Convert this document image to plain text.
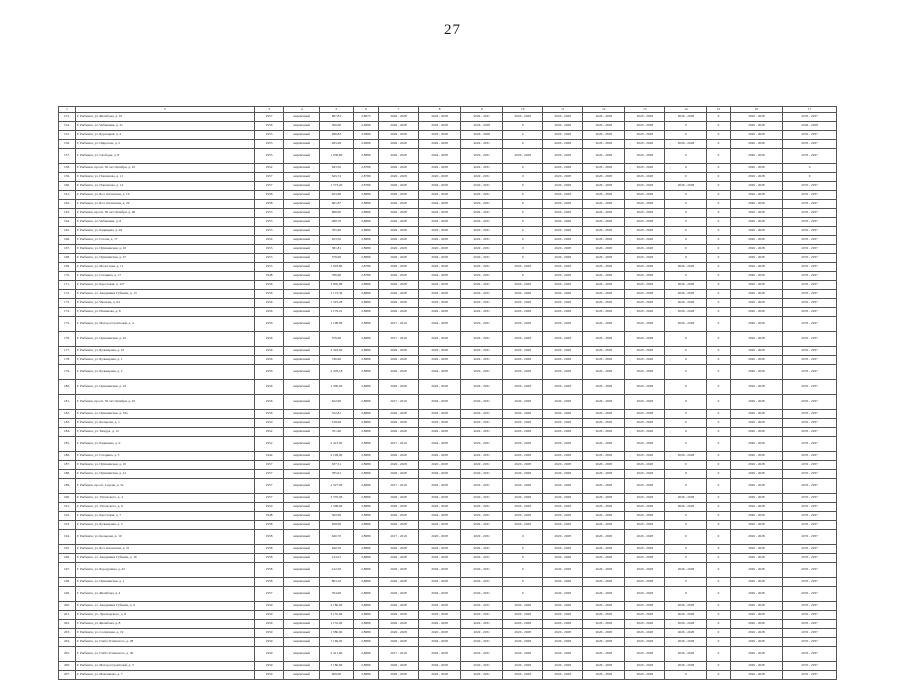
27
1	2	3	4	5	6	7	8	9	10	11	12	13	14	15	16	17
153.	Г. Рыбинск, ул. Желябова, д. 10	1957	кирпичный	897,81	2,8975	2026 - 2028	2026 - 2028	2029 - 2031	2026 - 2028	2026 - 2028	2026 - 2028	2026 - 2028	2026 - 2028	0	2026 - 2028	2035 - 2037
154.	Г. Рыбинск, ул. Чебышева, д. 31	1956	кирпичный	300,00	2,6986	2026 - 2028	2026 - 2028	2026 - 2028	0	2026 - 2028	2026 - 2028	2026 - 2028	0	0	2026 - 2028	2026 - 2028
155.	Г. Рыбинск, ул. Бурлацкая, д. 4	1955	кирпичный	286,83	2,9986	2026 - 2028	2026 - 2028	2026 - 2028	0	2026 - 2028	2026 - 2028	2026 - 2028	0	0	2026 - 2028	2035 - 2037
156.	Г. Рыбинск, ул. Пирогова, д. 2	1953	кирпичный	495,09	2,9986	2026 - 2028	2026 - 2028	2029 - 2031	0	2026 - 2028	2026 - 2028	2026 - 2028	2026 - 2028	0	2026 - 2028	2035 - 2037
157.	Г. Рыбинск, ул. Свободы, д. 8	1955	кирпичный	1 638,60	2,8986	2026 - 2028	2026 - 2028	2029 - 2031	2026 - 2028	2026 - 2028	2026 - 2028	2026 - 2028	0	0	2026 - 2028	2035 - 2037
158.	Г. Рыбинск, просп. 50 лет Октября, д. 22	1952	кирпичный	643,50	2,8786	2026 - 2028	2026 - 2028	2029 - 2031	0	2026 - 2028	2026 - 2028	2026 - 2028	0	0	2026 - 2028	0
159.	Г. Рыбинск, ул. Плеханова, д. 11	1957	кирпичный	645,74	2,8786	2026 - 2028	2026 - 2028	2029 - 2031	0	2026 - 2028	2026 - 2028	2026 - 2028	0	0	2026 - 2028	0
160.	Г. Рыбинск, ул. Плеханова, д. 14	1957	кирпичный	1 573,20	2,8786	2026 - 2028	2026 - 2028	2029 - 2031	0	2026 - 2028	2026 - 2028	2026 - 2028	2026 - 2028	0	2026 - 2028	2035 - 2037
161.	Г. Рыбинск, ул. Бол. Казанская, д. 19	1958	кирпичный	923,60	2,8986	2026 - 2028	2026 - 2028	2029 - 2031	0	2026 - 2028	2026 - 2028	2026 - 2028	0	0	2026 - 2028	2035 - 2037
162.	Г. Рыбинск, ул. Бол. Казанская, д. 29	1958	кирпичный	661,87	2,8986	2026 - 2028	2026 - 2028	2029 - 2031	0	2026 - 2028	2026 - 2028	2026 - 2028	0	0	2026 - 2028	2035 - 2037
163.	Г. Рыбинск, просп. 50 лет Октября, д. 28	1953	кирпичный	686,00	2,8986	2026 - 2028	2026 - 2028	2029 - 2031	0	2026 - 2028	2026 - 2028	2026 - 2028	0	0	2026 - 2028	2035 - 2037
164.	Г. Рыбинск, ул. Чебышева, д. 8	1953	кирпичный	489,76	2,8986	2026 - 2028	2026 - 2028	2029 - 2031	0	2026 - 2028	2026 - 2028	2026 - 2028	0	0	2026 - 2028	2035 - 2037
165.	Г. Рыбинск, ул. Радищева, д. 29	1953	кирпичный	765,60	2,8986	2026 - 2028	2026 - 2028	2029 - 2031	0	2026 - 2028	2026 - 2028	2026 - 2028	0	0	2026 - 2028	2035 - 2037
166.	Г. Рыбинск, ул. Гоголя, д. 17	1954	кирпичный	623,50	2,8986	2026 - 2028	2026 - 2028	2029 - 2031	0	2026 - 2028	2026 - 2028	2026 - 2028	0	0	2026 - 2028	2035 - 2037
167.	Г. Рыбинск, ул. Пушкинская, д. 43	1953	кирпичный	381,81	2,8986	2026 - 2028	2026 - 2028	2029 - 2031	0	2026 - 2028	2026 - 2028	2026 - 2028	0	0	2026 - 2028	2035 - 2037
168.	Г. Рыбинск, ул. Пушкинская, д. 47	1953	кирпичный	376,90	2,8986	2026 - 2028	2026 - 2028	2029 - 2031	0	2026 - 2028	2026 - 2028	2026 - 2028	0	0	2026 - 2028	2035 - 2037
169.	Г. Рыбинск, ул. Мологская, д. 11	1955	кирпичный	1 618,80	2,8786	2026 - 2028	2026 - 2028	2029 - 2031	2026 - 2028	2026 - 2028	2026 - 2028	2026 - 2028	2026 - 2028	0	2026 - 2028	2035 - 2037
170.	Г. Рыбинск, ул. Гагарина, д. 17	1948	кирпичный	780,60	2,8786	2026 - 2028	2026 - 2028	2029 - 2031	0	2026 - 2028	2026 - 2028	2026 - 2028	0	0	2026 - 2028	2035 - 2037
171.	Г. Рыбинск, ул. Крестовая, д. 127	1956	кирпичный	3 805,80	2,8986	2026 - 2028	2026 - 2028	2029 - 2031	2026 - 2028	2026 - 2028	2026 - 2028	2026 - 2028	2026 - 2028	0	2026 - 2028	2035 - 2037
172.	Г. Рыбинск, ул. Академика Губкина, д. 13	1956	кирпичный	1 173,36	2,8986	2026 - 2028	2026 - 2028	2029 - 2031	2026 - 2028	2026 - 2028	2026 - 2028	2026 - 2028	2026 - 2028	0	2026 - 2028	2035 - 2037
173.	Г. Рыбинск, ул. Чкалова, д. 64	1956	кирпичный	1 591,28	2,8986	2026 - 2028	2026 - 2028	2029 - 2031	2026 - 2028	2026 - 2028	2026 - 2028	2026 - 2028	2026 - 2028	0	2026 - 2028	2035 - 2037
174.	Г. Рыбинск, ул. Нахимова, д. 8	1956	кирпичный	1 179,01	2,8986	2026 - 2028	2026 - 2028	2029 - 2031	2026 - 2028	2026 - 2028	2026 - 2028	2026 - 2028	2026 - 2028	0	2026 - 2028	2035 - 2037
175.	Г. Рыбинск, ул. Моторостроителей, д. 4	1956	кирпичный	1 108,96	2,8986	2017 - 2019	2026 - 2028	2029 - 2031	2026 - 2028	2026 - 2028	2026 - 2028	2026 - 2028	2026 - 2028	0	2026 - 2028	2035 - 2037
176.	Г. Рыбинск, ул. Пушкинская, д. 22	1956	кирпичный	376,60	2,8986	2017 - 2019	2026 - 2028	2029 - 2031	2026 - 2028	2026 - 2028	2026 - 2028	2026 - 2028	0	0	2026 - 2028	2035 - 2037
177.	Г. Рыбинск, ул. Бульварная, д. 10	1956	кирпичный	3 303,00	2,8986	2026 - 2028	2026 - 2028	2029 - 2031	2026 - 2028	2026 - 2028	2026 - 2028	2026 - 2028	0	0	2026 - 2028	2035 - 2037
178.	Г. Рыбинск, ул. Бульварная, д. 1	1956	кирпичный	746,60	2,8986	2026 - 2028	2026 - 2028	2029 - 2031	2026 - 2028	2026 - 2028	2026 - 2028	2026 - 2028	0	0	2026 - 2028	2035 - 2037
179.	Г. Рыбинск, ул. Бульварная, д. 2	1956	кирпичный	2 478,18	2,8986	2026 - 2028	2026 - 2028	2029 - 2031	2026 - 2028	2026 - 2028	2026 - 2028	2026 - 2028	0	0	2026 - 2028	2035 - 2037
180.	Г. Рыбинск, ул. Пушкинская, д. 43	1956	кирпичный	1 306,00	2,8986	2026 - 2028	2026 - 2028	2029 - 2031	2026 - 2028	2026 - 2028	2026 - 2028	2026 - 2028	0	0	2026 - 2028	2035 - 2037
181.	Г. Рыбинск, просп. 50 лет Октября, д. 10	1956	кирпичный	622,90	2,8986	2017 - 2019	2026 - 2028	2029 - 2031	2026 - 2028	2026 - 2028	2026 - 2028	2026 - 2028	0	0	2026 - 2028	2035 - 2037
182.	Г. Рыбинск, ул. Пушкинская, д. 33а	1956	кирпичный	352,81	2,8986	2026 - 2028	2026 - 2028	2029 - 2031	2026 - 2028	2026 - 2028	2026 - 2028	2026 - 2028	0	0	2026 - 2028	2035 - 2037
183.	Г. Рыбинск, ул. Кольцова, д. 1	1950	кирпичный	418,06	2,8986	2026 - 2028	2026 - 2028	2029 - 2031	2026 - 2028	2026 - 2028	2026 - 2028	2026 - 2028	0	0	2026 - 2028	2035 - 2037
184.	Г. Рыбинск, ул. Тимура, д. 12	1952	кирпичный	701,60	2,8986	2026 - 2028	2026 - 2028	2029 - 2031	2026 - 2028	2026 - 2028	2026 - 2028	2026 - 2028	0	0	2026 - 2028	2035 - 2037
185.	Г. Рыбинск, ул. Радищева, д. 9	1952	кирпичный	2 413,90	2,8986	2017 - 2019	2026 - 2028	2029 - 2031	2026 - 2028	2026 - 2028	2026 - 2028	2026 - 2028	0	0	2026 - 2028	2035 - 2037
186.	Г. Рыбинск, ул. Гагарина, д. 3	1944	кирпичный	2 109,90	2,8986	2026 - 2028	2026 - 2028	2029 - 2031	2026 - 2028	2026 - 2028	2026 - 2028	2026 - 2028	2026 - 2028	0	2026 - 2028	2035 - 2037
187.	Г. Рыбинск, ул. Пушкинская, д. 10	1957	кирпичный	637,51	2,8986	2026 - 2028	2026 - 2028	2029 - 2031	2026 - 2028	2026 - 2028	2026 - 2028	2026 - 2028	0	0	2026 - 2028	2035 - 2037
188.	Г. Рыбинск, ул. Пушкинская, д. 12	1957	кирпичный	785,61	2,8986	2026 - 2028	2026 - 2028	2029 - 2031	2026 - 2028	2026 - 2028	2026 - 2028	2026 - 2028	0	0	2026 - 2028	2035 - 2037
189.	Г. Рыбинск, просп. Серова, д. 3а	1957	кирпичный	2 527,00	2,8986	2017 - 2019	2026 - 2028	2029 - 2031	2026 - 2028	2026 - 2028	2026 - 2028	2026 - 2028	0	0	2026 - 2028	2035 - 2037
190.	Г. Рыбинск, ул. Ухтомского, д. 4	1957	кирпичный	3 376,06	2,8986	2026 - 2028	2026 - 2028	2029 - 2031	2026 - 2028	2026 - 2028	2026 - 2028	2026 - 2028	2026 - 2028	0	2026 - 2028	2035 - 2037
191.	Г. Рыбинск, ул. Ухтомского, д. 6	1950	кирпичный	1 508,00	2,8986	2026 - 2028	2026 - 2028	2029 - 2031	2026 - 2028	2026 - 2028	2026 - 2028	2026 - 2028	2026 - 2028	0	2026 - 2028	2035 - 2037
192.	Г. Рыбинск, ул. Крестовая, д. 7	1948	кирпичный	302,09	2,8986	2026 - 2028	2026 - 2028	2029 - 2031	2026 - 2028	2026 - 2028	2026 - 2028	2026 - 2028	0	0	2026 - 2028	2035 - 2037
193.	Г. Рыбинск, ул. Бульварная, д. 3	1958	кирпичный	658,00	2,8986	2026 - 2028	2026 - 2028	2029 - 2031	2026 - 2028	2026 - 2028	2026 - 2028	2026 - 2028	0	0	2026 - 2028	2035 - 2037
194.	Г. Рыбинск, ул. Кольцова, д. 10	1958	кирпичный	620,70	2,8986	2017 - 2019	2026 - 2028	2029 - 2031	0	2026 - 2028	2026 - 2028	2026 - 2028	0	0	2026 - 2028	2035 - 2037
195.	Г. Рыбинск, ул. Бол. Казанская, д. 31	1958	кирпичный	640,50	2,8986	2026 - 2028	2026 - 2028	2029 - 2031	0	2026 - 2028	2026 - 2028	2026 - 2028	0	0	2026 - 2028	2035 - 2037
196.	Г. Рыбинск, ул. Академика Губкина, д. 16	1958	кирпичный	413,01	2,8986	2026 - 2028	2026 - 2028	2029 - 2031	0	2026 - 2028	2026 - 2028	2026 - 2028	0	0	2026 - 2028	2035 - 2037
197.	Г. Рыбинск, ул. Бородулина, д. 42	1958	кирпичный	412,50	2,8986	2026 - 2028	2026 - 2028	2029 - 2031	0	2026 - 2028	2026 - 2028	2026 - 2028	2026 - 2028	0	2026 - 2028	2035 - 2037
198.	Г. Рыбинск, ул. Пушкинская, д. 1	1958	кирпичный	803,10	2,8986	2026 - 2028	2026 - 2028	2029 - 2031	0	2026 - 2028	2026 - 2028	2026 - 2028	0	0	2026 - 2028	2035 - 2037
199.	Г. Рыбинск, ул. Желябова, д. 4	1957	кирпичный	764,00	2,8986	2026 - 2028	2026 - 2028	2029 - 2031	0	2026 - 2028	2026 - 2028	2026 - 2028	0	0	2026 - 2028	2035 - 2037
200.	Г. Рыбинск, ул. Академика Губкина, д. 9	1959	кирпичный	2 180,00	2,8986	2026 - 2028	2026 - 2028	2029 - 2031	2026 - 2028	2026 - 2028	2026 - 2028	2026 - 2028	2026 - 2028	0	2026 - 2028	2035 - 2037
201.	Г. Рыбинск, ул. Луначарского, д. 8	1959	кирпичный	3 135,60	2,8986	2026 - 2028	2026 - 2028	2029 - 2031	2026 - 2028	2026 - 2028	2026 - 2028	2026 - 2028	2026 - 2028	0	2026 - 2028	2035 - 2037
202.	Г. Рыбинск, ул. Желябова, д. 8	1959	кирпичный	1 135,00	2,8986	2026 - 2028	2026 - 2028	2029 - 2031	2026 - 2028	2026 - 2028	2026 - 2028	2026 - 2028	2026 - 2028	0	2026 - 2028	2035 - 2037
203.	Г. Рыбинск, ул. Солнечная, д. 19	1959	кирпичный	1 580,00	2,8986	2026 - 2028	2026 - 2028	2029 - 2031	2026 - 2028	2026 - 2028	2026 - 2028	2026 - 2028	2026 - 2028	0	2026 - 2028	2035 - 2037
204.	Г. Рыбинск, ул. Глеба Успенского, д. 28	1959	кирпичный	1 169,00	2,8986	2026 - 2028	2026 - 2028	2029 - 2031	2026 - 2028	2026 - 2028	2026 - 2028	2026 - 2028	2026 - 2028	0	2026 - 2028	2035 - 2037
205.	Г. Рыбинск, ул. Глеба Успенского, д. 30	1959	кирпичный	2 411,60	2,8986	2017 - 2019	2026 - 2028	2029 - 2031	2026 - 2028	2026 - 2028	2026 - 2028	2026 - 2028	2026 - 2028	0	2026 - 2028	2035 - 2037
206.	Г. Рыбинск, ул. Моторостроителей, д. 3	1959	кирпичный	3 186,60	2,8986	2026 - 2028	2026 - 2028	2029 - 2031	2026 - 2028	2026 - 2028	2026 - 2028	2026 - 2028	2026 - 2028	0	2026 - 2028	2035 - 2037
207.	Г. Рыбинск, ул. Максимова, д. 7	1959	кирпичный	669,00	2,8986	2026 - 2028	2026 - 2028	2029 - 2031	2026 - 2028	2026 - 2028	2026 - 2028	2026 - 2028	0	0	2026 - 2028	2035 - 2037
